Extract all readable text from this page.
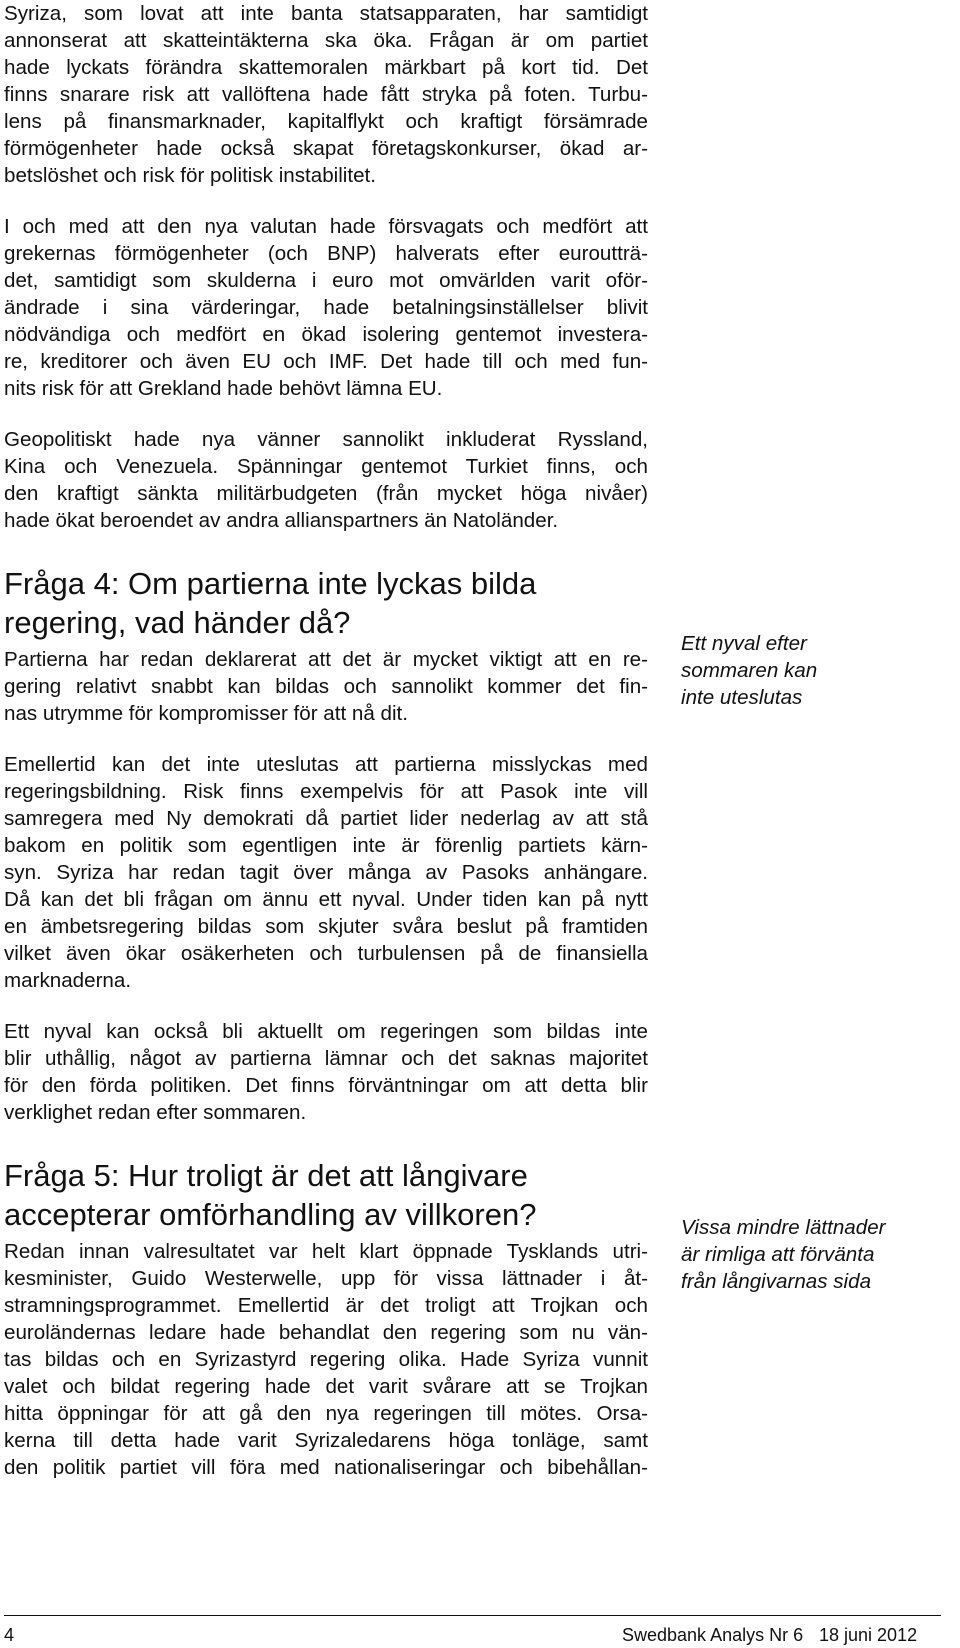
Syriza, som lovat att inte banta statsapparaten, har samtidigt
annonserat att skatteintäkterna ska öka. Frågan är om partiet
hade lyckats förändra skattemoralen märkbart på kort tid. Det
finns snarare risk att vallöftena hade fått stryka på foten. Turbu-
lens på finansmarknader, kapitalflykt och kraftigt försämrade
förmögenheter hade också skapat företagskonkurser, ökad ar-
betslöshet och risk för politisk instabilitet.

I och med att den nya valutan hade försvagats och medfört att
grekernas förmögenheter (och BNP) halverats efter euroutträ-
det, samtidigt som skulderna i euro mot omvärlden varit oför-
ändrade i sina värderingar, hade betalningsinställelser blivit
nödvändiga och medfört en ökad isolering gentemot investera-
re, kreditorer och även EU och IMF. Det hade till och med fun-
nits risk för att Grekland hade behövt lämna EU.

Geopolitiskt hade nya vänner sannolikt inkluderat Ryssland,
Kina och Venezuela. Spänningar gentemot Turkiet finns, och
den kraftigt sänkta militärbudgeten (från mycket höga nivåer)
hade ökat beroendet av andra allianspartners än Natoländer.

Fråga 4: Om partierna inte lyckas bilda
regering, vad händer då?

Partierna har redan deklarerat att det är mycket viktigt att en re-
gering relativt snabbt kan bildas och sannolikt kommer det fin-
nas utrymme för kompromisser för att nå dit.

Emellertid kan det inte uteslutas att partierna misslyckas med
regeringsbildning. Risk finns exempelvis för att Pasok inte vill
samregera med Ny demokrati då partiet lider nederlag av att stå
bakom en politik som egentligen inte är förenlig partiets kärn-
syn. Syriza har redan tagit över många av Pasoks anhängare.
Då kan det bli frågan om ännu ett nyval. Under tiden kan på nytt
en ämbetsregering bildas som skjuter svåra beslut på framtiden
vilket även ökar osäkerheten och turbulensen på de finansiella
marknaderna.

Ett nyval kan också bli aktuellt om regeringen som bildas inte
blir uthållig, något av partierna lämnar och det saknas majoritet
för den förda politiken. Det finns förväntningar om att detta blir
verklighet redan efter sommaren.

Fråga 5: Hur troligt är det att långivare
accepterar omförhandling av villkoren?

Redan innan valresultatet var helt klart öppnade Tysklands utri-
kesminister, Guido Westerwelle, upp för vissa lättnader i åt-
stramningsprogrammet. Emellertid är det troligt att Trojkan och
euroländernas ledare hade behandlat den regering som nu vän-
tas bildas och en Syrizastyrd regering olika. Hade Syriza vunnit
valet och bildat regering hade det varit svårare att se Trojkan
hitta öppningar för att gå den nya regeringen till mötes. Orsa-
kerna till detta hade varit Syrizaledarens höga tonläge, samt
den politik partiet vill föra med nationaliseringar och bibehållan-

Ett nyval efter
sommaren kan
inte uteslutas

Vissa mindre lättnader
är rimliga att förvänta
från långivarnas sida

4	Swedbank Analys Nr 6 18 juni 2012
